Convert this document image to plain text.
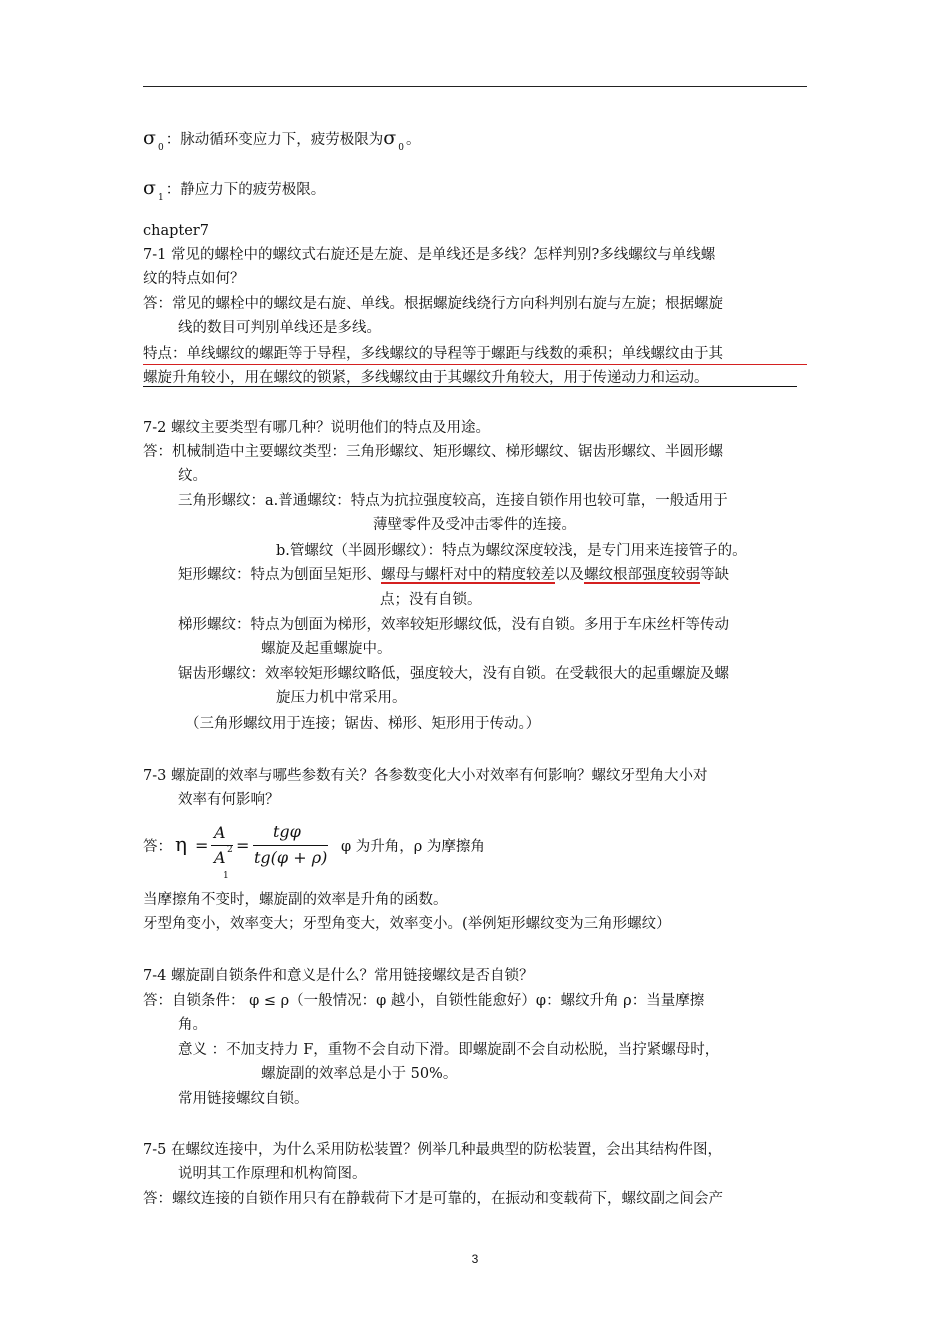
σ $_0$ ：脉动循环变应力下，疲劳极限为σ $_0$ 。
σ $_1$ ：静应力下的疲劳极限。
chapter7
7-1 常见的螺栓中的螺纹式右旋还是左旋、是单线还是多线？怎样判别?多线螺纹与单线螺
纹的特点如何？
答：常见的螺栓中的螺纹是右旋、单线。根据螺旋线绕行方向科判别右旋与左旋；根据螺旋
线的数目可判别单线还是多线。
特点：单线螺纹的螺距等于导程，多线螺纹的导程等于螺距与线数的乘积；单线螺纹由于其
螺旋升角较小，用在螺纹的锁紧，多线螺纹由于其螺纹升角较大，用于传递动力和运动。
7-2 螺纹主要类型有哪几种？说明他们的特点及用途。
答：机械制造中主要螺纹类型：三角形螺纹、矩形螺纹、梯形螺纹、锯齿形螺纹、半圆形螺
纹。
三角形螺纹：a.普通螺纹：特点为抗拉强度较高，连接自锁作用也较可靠，一般适用于
薄壁零件及受冲击零件的连接。
b.管螺纹（半圆形螺纹）：特点为螺纹深度较浅，是专门用来连接管子的。
矩形螺纹：特点为刨面呈矩形、螺母与螺杆对中的精度较差以及螺纹根部强度较弱等缺
点；没有自锁。
梯形螺纹：特点为刨面为梯形，效率较矩形螺纹低，没有自锁。多用于车床丝杆等传动
螺旋及起重螺旋中。
锯齿形螺纹：效率较矩形螺纹略低，强度较大，没有自锁。在受载很大的起重螺旋及螺
旋压力机中常采用。
（三角形螺纹用于连接；锯齿、梯形、矩形用于传动。）
7-3 螺旋副的效率与哪些参数有关？各参数变化大小对效率有何影响？螺纹牙型角大小对
效率有何影响？
答： η =
A
2
A
1
=
tgφ
tg(φ + ρ)
φ 为升角，ρ 为摩擦角
当摩擦角不变时，螺旋副的效率是升角的函数。
牙型角变小，效率变大；牙型角变大，效率变小。(举例矩形螺纹变为三角形螺纹）
7-4 螺旋副自锁条件和意义是什么？常用链接螺纹是否自锁？
答：自锁条件： φ ≤ ρ（一般情况：φ 越小，自锁性能愈好）φ：螺纹升角 ρ：当量摩擦
角。
意义 ：不加支持力 F，重物不会自动下滑。即螺旋副不会自动松脱，当拧紧螺母时，
螺旋副的效率总是小于 50%。
常用链接螺纹自锁。
7-5 在螺纹连接中，为什么采用防松装置？例举几种最典型的防松装置，会出其结构件图，
说明其工作原理和机构简图。
答：螺纹连接的自锁作用只有在静载荷下才是可靠的，在振动和变载荷下，螺纹副之间会产
3
